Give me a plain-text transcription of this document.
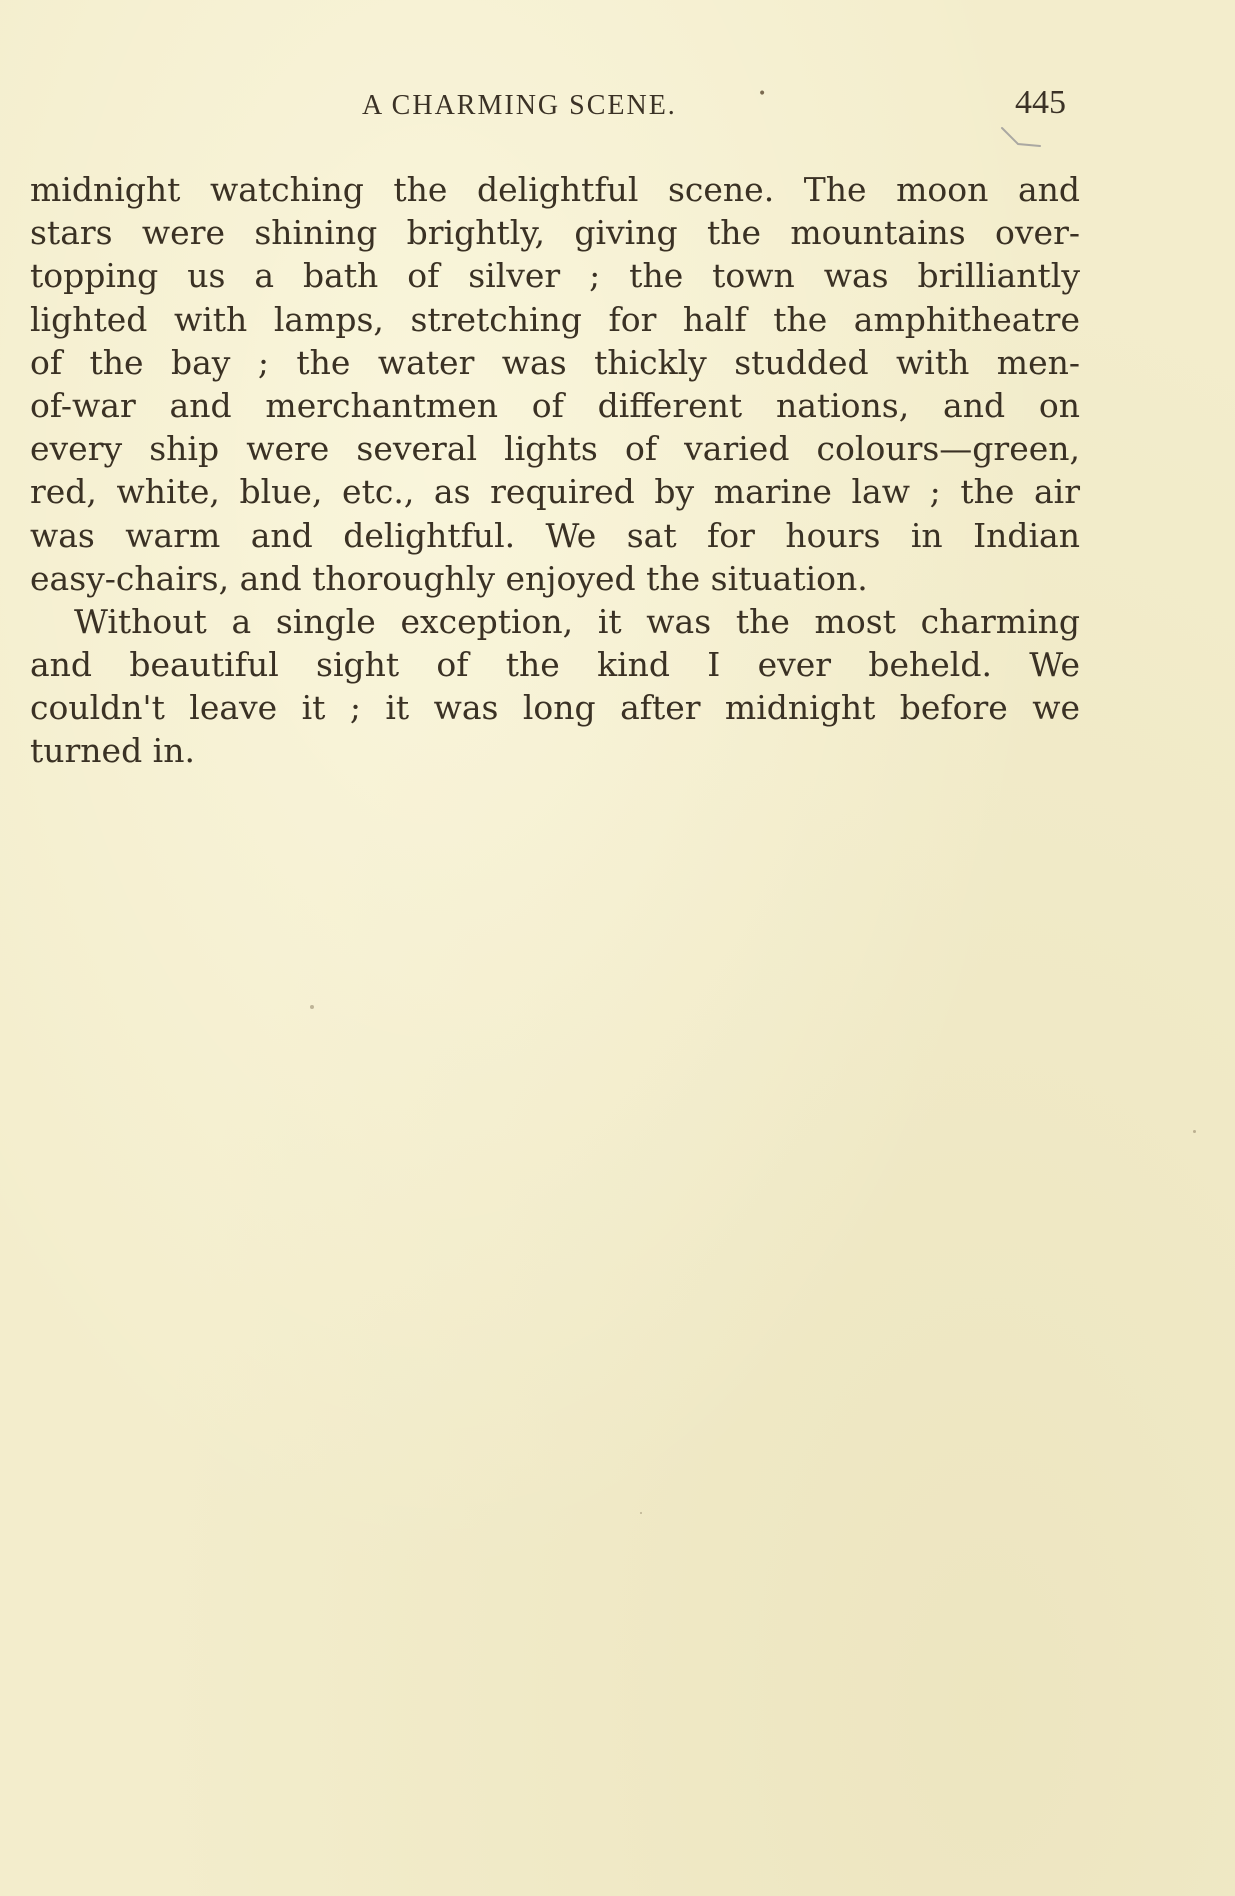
A CHARMING SCENE.	•	445
midnight watching the delightful scene. The moon and
stars were shining brightly, giving the mountains over-
topping us a bath of silver ; the town was brilliantly
lighted with lamps, stretching for half the amphitheatre
of the bay ; the water was thickly studded with men-
of-war and merchantmen of different nations, and on
every ship were several lights of varied colours—green,
red, white, blue, etc., as required by marine law ; the air
was warm and delightful. We sat for hours in Indian
easy-chairs, and thoroughly enjoyed the situation.
Without a single exception, it was the most charming
and beautiful sight of the kind I ever beheld. We
couldn't leave it ; it was long after midnight before we
turned in.
